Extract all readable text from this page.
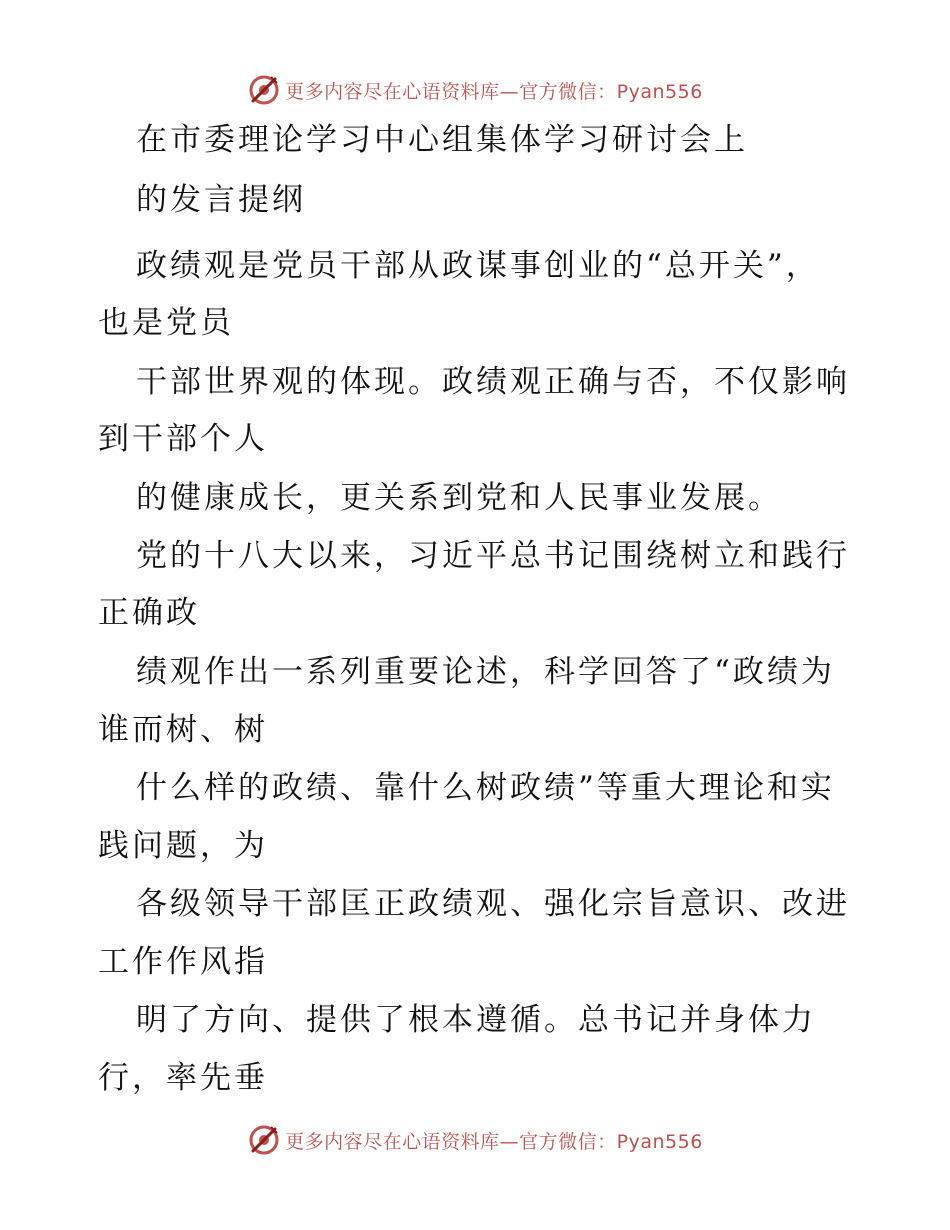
更多内容尽在心语资料库—官方微信：Pyan556
在市委理论学习中心组集体学习研讨会上
的发言提纲
政绩观是党员干部从政谋事创业的“总开关”，
也是党员
干部世界观的体现。政绩观正确与否，不仅影响
到干部个人
的健康成长，更关系到党和人民事业发展。
党的十八大以来，习近平总书记围绕树立和践行
正确政
绩观作出一系列重要论述，科学回答了“政绩为
谁而树、树
什么样的政绩、靠什么树政绩”等重大理论和实
践问题，为
各级领导干部匡正政绩观、强化宗旨意识、改进
工作作风指
明了方向、提供了根本遵循。总书记并身体力
行，率先垂
更多内容尽在心语资料库—官方微信：Pyan556
